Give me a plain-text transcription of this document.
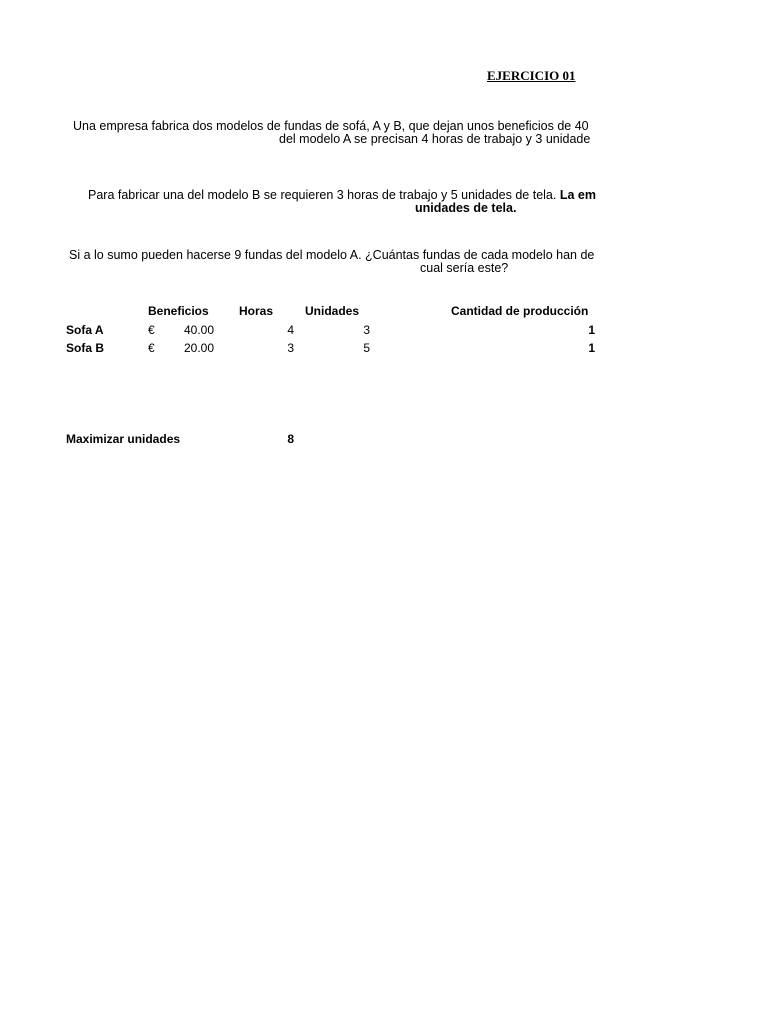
EJERCICIO 01
Una empresa fabrica dos modelos de fundas de sofá, A y B, que dejan unos beneficios de 40
del modelo A se precisan 4 horas de trabajo y 3 unidade
Para fabricar una del modelo B se requieren 3 horas de trabajo y 5 unidades de tela. La em
unidades de tela.
Si a lo sumo pueden hacerse 9 fundas del modelo A. ¿Cuántas fundas de cada modelo han de
cual sería este?
Beneficios	Horas	Unidades	Cantidad de producción
Sofa A	€	40.00	4	3	1
Sofa B	€	20.00	3	5	1
Maximizar unidades	8
